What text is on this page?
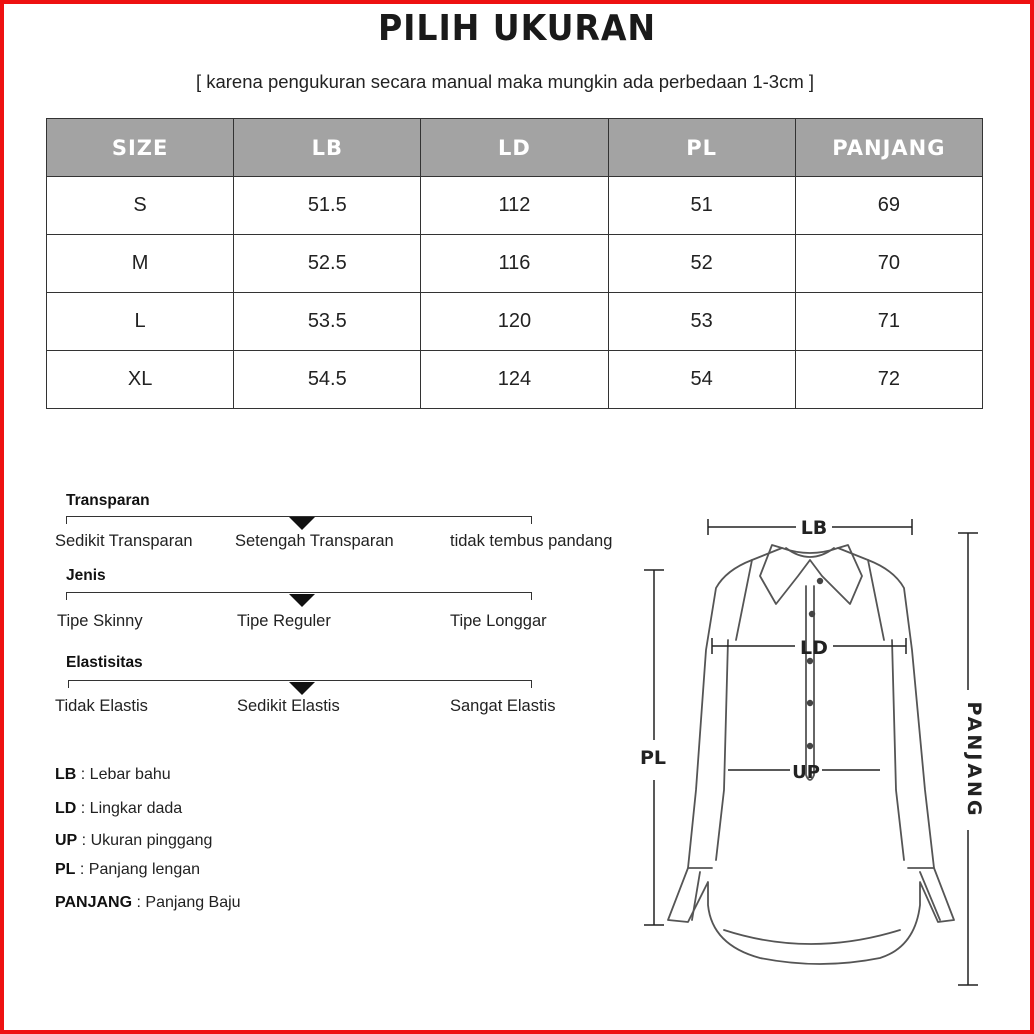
PILIH UKURAN
[ karena pengukuran secara manual maka mungkin ada perbedaan 1-3cm ]
SIZE	LB	LD	PL	PANJANG
S	51.5	112	51	69
M	52.5	116	52	70
L	53.5	120	53	71
XL	54.5	124	54	72
Transparan
Sedikit Transparan	Setengah Transparan	tidak tembus pandang
Jenis
Tipe Skinny	Tipe Reguler	Tipe Longgar
Elastisitas
Tidak Elastis	Sedikit Elastis	Sangat Elastis
LB : Lebar bahu
LD : Lingkar dada
UP : Ukuran pinggang
PL : Panjang lengan
PANJANG : Panjang Baju
LB
LD
UP
PL	PANJANG
